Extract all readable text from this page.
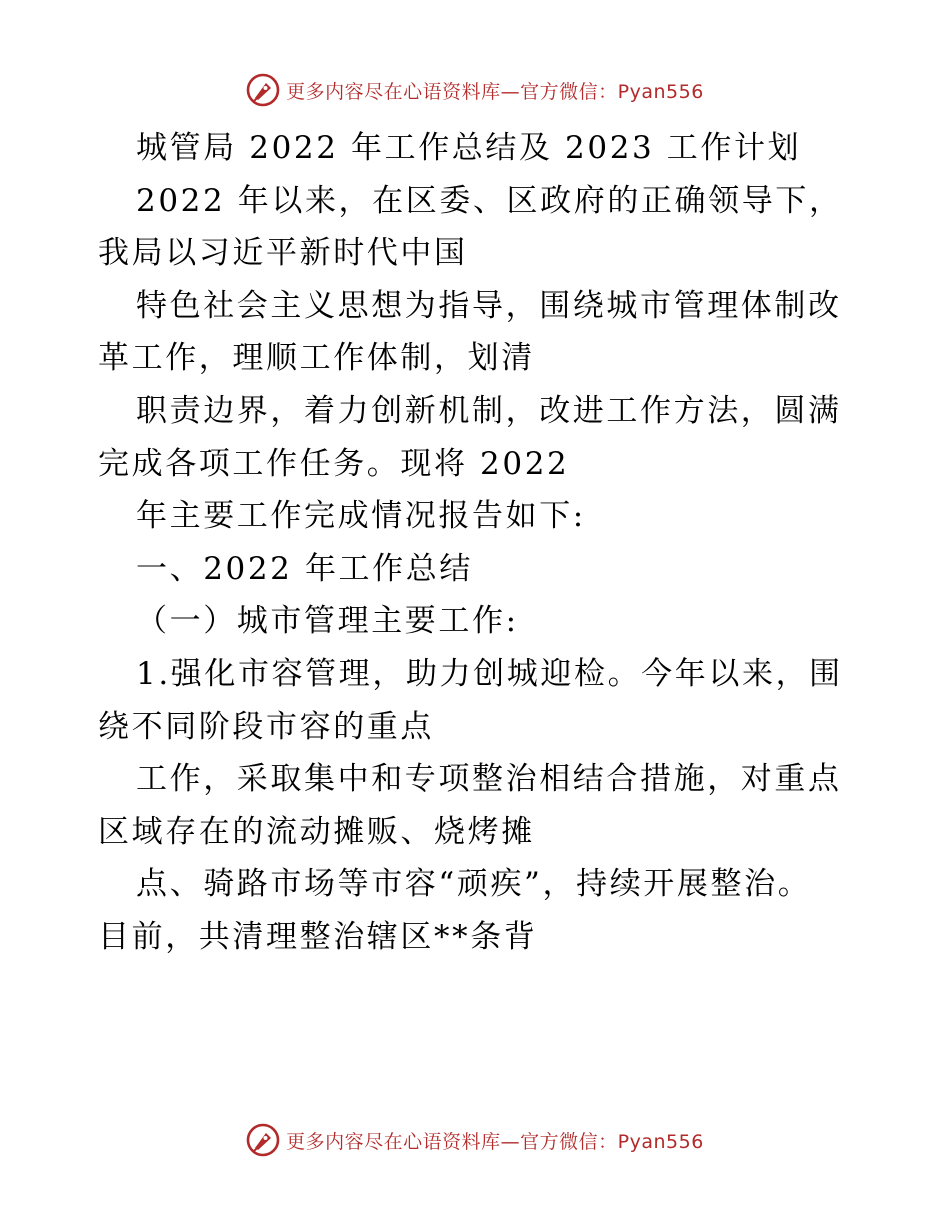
更多内容尽在心语资料库—官方微信：Pyan556
城管局 2022 年工作总结及 2023 工作计划
2022 年以来，在区委、区政府的正确领导下，
我局以习近平新时代中国
特色社会主义思想为指导，围绕城市管理体制改
革工作，理顺工作体制，划清
职责边界，着力创新机制，改进工作方法，圆满
完成各项工作任务。现将 2022
年主要工作完成情况报告如下:
一、2022 年工作总结
（一）城市管理主要工作:
1.强化市容管理，助力创城迎检。今年以来，围
绕不同阶段市容的重点
工作，采取集中和专项整治相结合措施，对重点
区域存在的流动摊贩、烧烤摊
点、骑路市场等市容“顽疾”，持续开展整治。
目前，共清理整治辖区**条背
更多内容尽在心语资料库—官方微信：Pyan556
